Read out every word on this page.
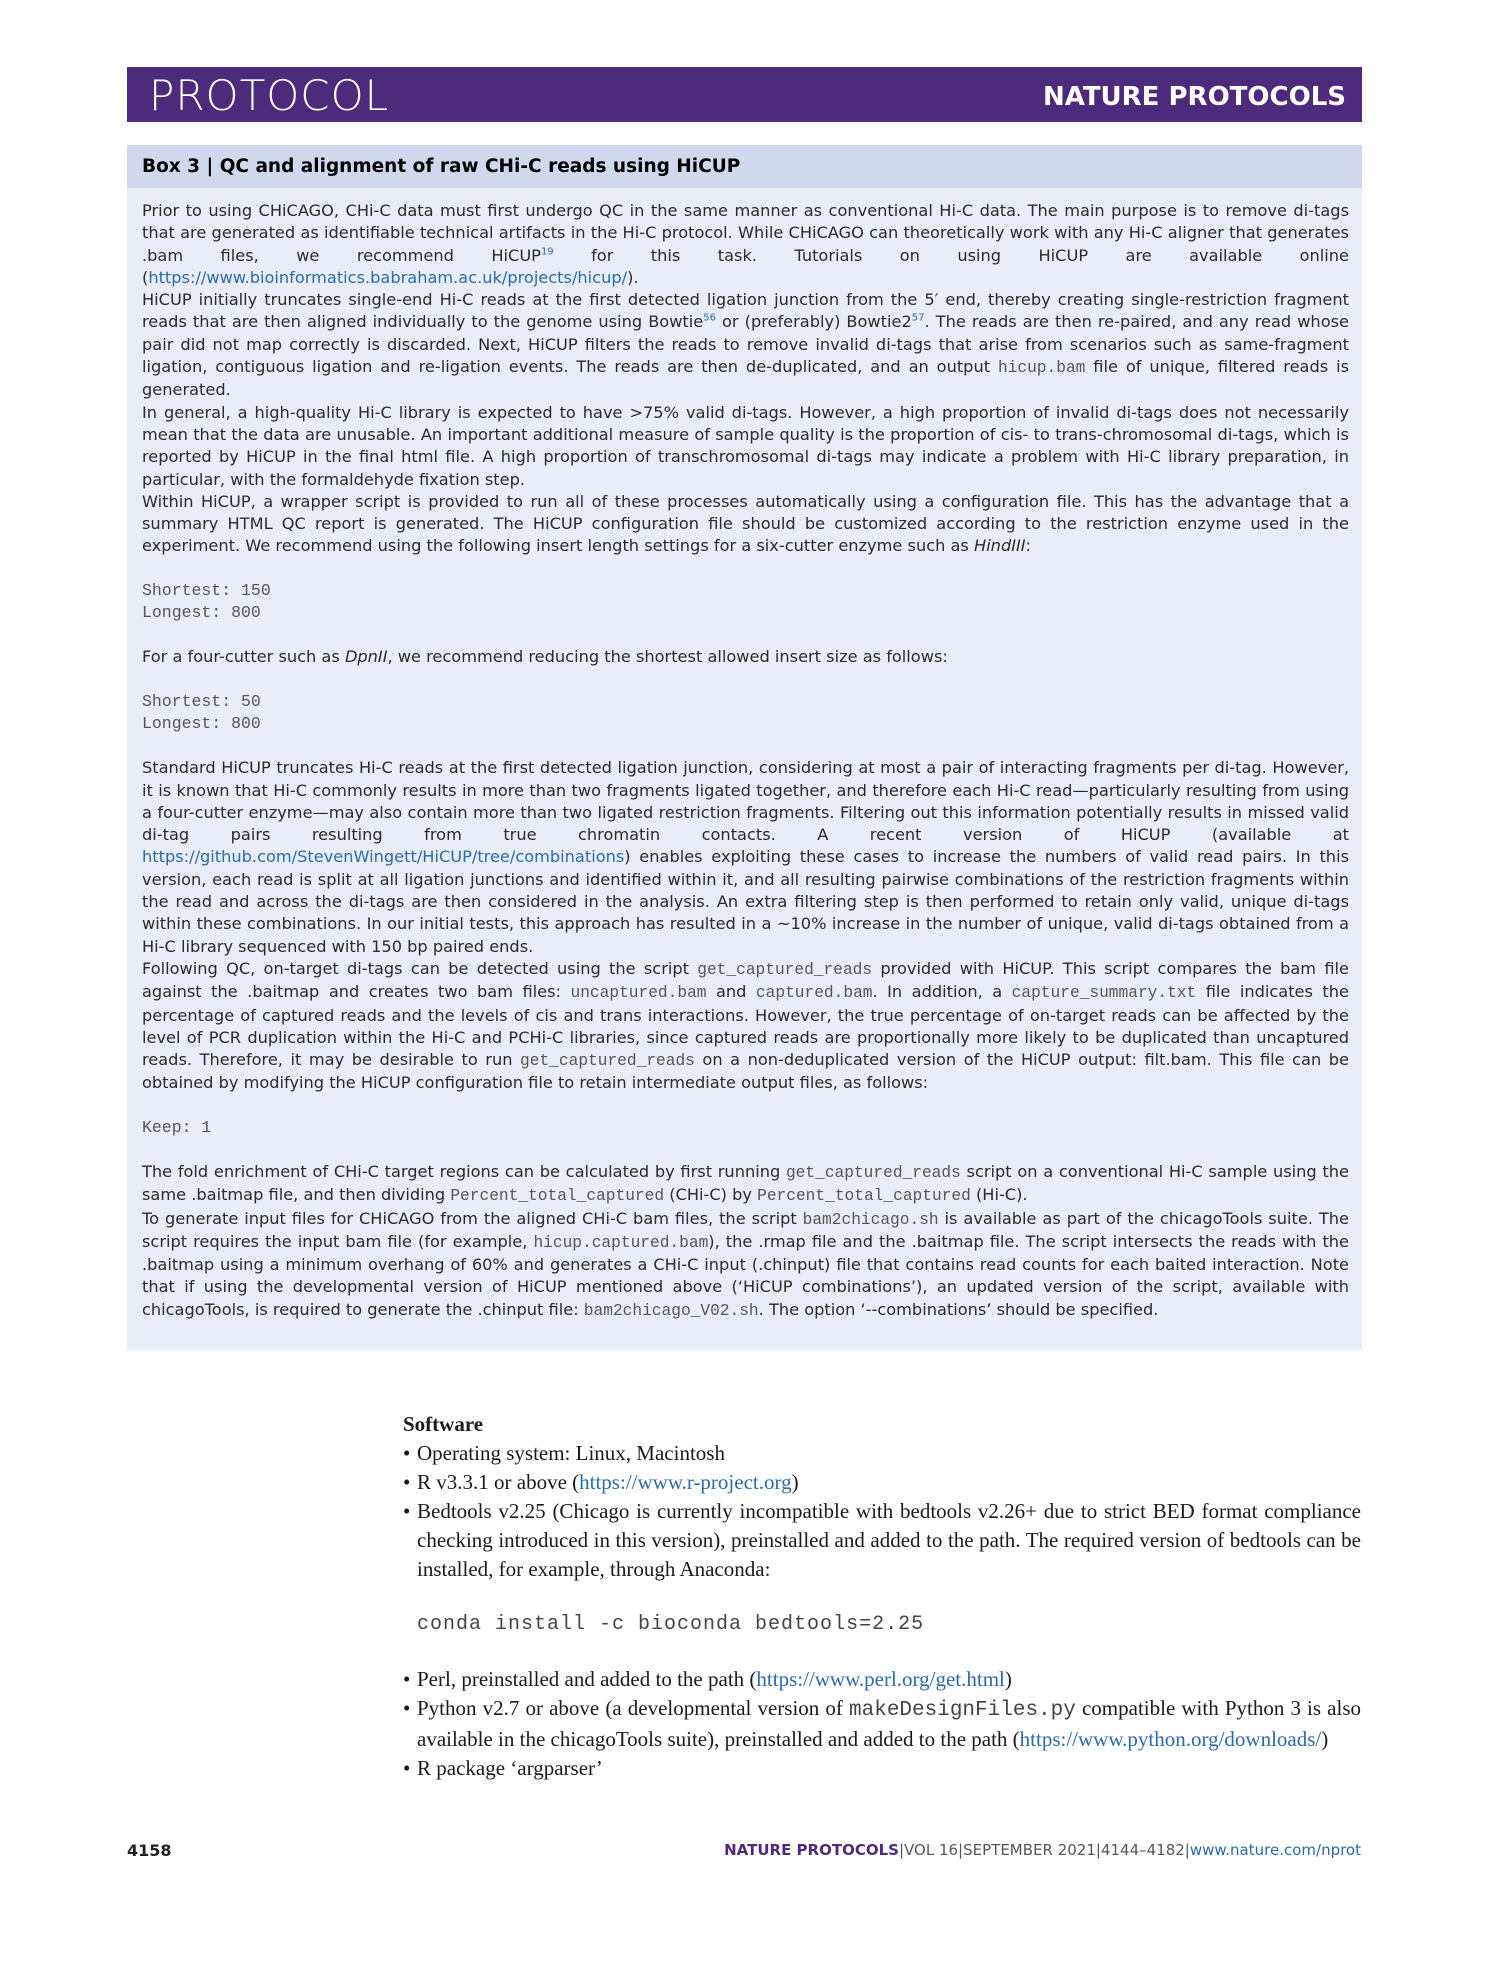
PROTOCOL	NATURE PROTOCOLS
Box 3 | QC and alignment of raw CHi-C reads using HiCUP

Prior to using CHiCAGO, CHi-C data must first undergo QC in the same manner as conventional Hi-C data. The main purpose is to remove di-tags that are generated as identifiable technical artifacts in the Hi-C protocol. While CHiCAGO can theoretically work with any Hi-C aligner that generates .bam files, we recommend HiCUP$^{19}$ for this task. Tutorials on using HiCUP are available online (https://www.bioinformatics.babraham.ac.uk/projects/hicup/).

HiCUP initially truncates single-end Hi-C reads at the first detected ligation junction from the 5′ end, thereby creating single-restriction fragment reads that are then aligned individually to the genome using Bowtie$^{56}$ or (preferably) $Bowtie2^{57}$. The reads are then re-paired, and any read whose pair did not map correctly is discarded. Next, HiCUP filters the reads to remove invalid di-tags that arise from scenarios such as same-fragment ligation, contiguous ligation and re-ligation events. The reads are then de-duplicated, and an output hicup.bam file of unique, filtered reads is generated.

In general, a high-quality Hi-C library is expected to have >75% valid di-tags. However, a high proportion of invalid di-tags does not necessarily mean that the data are unusable. An important additional measure of sample quality is the proportion of cis- to trans-chromosomal di-tags, which is reported by HiCUP in the final html file. A high proportion of transchromosomal di-tags may indicate a problem with Hi-C library preparation, in particular, with the formaldehyde fixation step.

Within HiCUP, a wrapper script is provided to run all of these processes automatically using a configuration file. This has the advantage that a summary HTML QC report is generated. The HiCUP configuration file should be customized according to the restriction enzyme used in the experiment. We recommend using the following insert length settings for a six-cutter enzyme such as HindIII:

Shortest: 150
Longest: 800

For a four-cutter such as DpnII, we recommend reducing the shortest allowed insert size as follows:

Shortest: 50
Longest: 800

Standard HiCUP truncates Hi-C reads at the first detected ligation junction, considering at most a pair of interacting fragments per di-tag. However, it is known that Hi-C commonly results in more than two fragments ligated together, and therefore each Hi-C read—particularly resulting from using a four-cutter enzyme—may also contain more than two ligated restriction fragments. Filtering out this information potentially results in missed valid di-tag pairs resulting from true chromatin contacts. A recent version of HiCUP (available at https://github.com/StevenWingett/HiCUP/tree/combinations) enables exploiting these cases to increase the numbers of valid read pairs. In this version, each read is split at all ligation junctions and identified within it, and all resulting pairwise combinations of the restriction fragments within the read and across the di-tags are then considered in the analysis. An extra filtering step is then performed to retain only valid, unique di-tags within these combinations. In our initial tests, this approach has resulted in a ~10% increase in the number of unique, valid di-tags obtained from a Hi-C library sequenced with 150 bp paired ends.

Following QC, on-target di-tags can be detected using the script get_captured_reads provided with HiCUP. This script compares the bam file against the .baitmap and creates two bam files: uncaptured.bam and captured.bam. In addition, a capture_summary.txt file indicates the percentage of captured reads and the levels of cis and trans interactions. However, the true percentage of on-target reads can be affected by the level of PCR duplication within the Hi-C and PCHi-C libraries, since captured reads are proportionally more likely to be duplicated than uncaptured reads. Therefore, it may be desirable to run get_captured_reads on a non-deduplicated version of the HiCUP output: filt.bam. This file can be obtained by modifying the HiCUP configuration file to retain intermediate output files, as follows:

Keep: 1

The fold enrichment of CHi-C target regions can be calculated by first running get_captured_reads script on a conventional Hi-C sample using the same .baitmap file, and then dividing Percent_total_captured (CHi-C) by Percent_total_captured (Hi-C).

To generate input files for CHiCAGO from the aligned CHi-C bam files, the script bam2chicago.sh is available as part of the chicagoTools suite. The script requires the input bam file (for example, hicup.captured.bam), the .rmap file and the .baitmap file. The script intersects the reads with the .baitmap using a minimum overhang of 60% and generates a CHi-C input (.chinput) file that contains read counts for each baited interaction. Note that if using the developmental version of HiCUP mentioned above (‘HiCUP combinations’), an updated version of the script, available with chicagoTools, is required to generate the .chinput file: bam2chicago_V02.sh. The option ‘--combinations’ should be specified.

Software
• Operating system: Linux, Macintosh
• R v3.3.1 or above (https://www.r-project.org)
• Bedtools v2.25 (Chicago is currently incompatible with bedtools v2.26+ due to strict BED format compliance checking introduced in this version), preinstalled and added to the path. The required version of bedtools can be installed, for example, through Anaconda:
conda install -c bioconda bedtools=2.25
• Perl, preinstalled and added to the path (https://www.perl.org/get.html)
• Python v2.7 or above (a developmental version of makeDesignFiles.py compatible with Python 3 is also available in the chicagoTools suite), preinstalled and added to the path (https://www.python.org/downloads/)
• R package ‘argparser’
4158	NATURE PROTOCOLS|VOL 16|SEPTEMBER 2021|4144–4182|www.nature.com/nprot
